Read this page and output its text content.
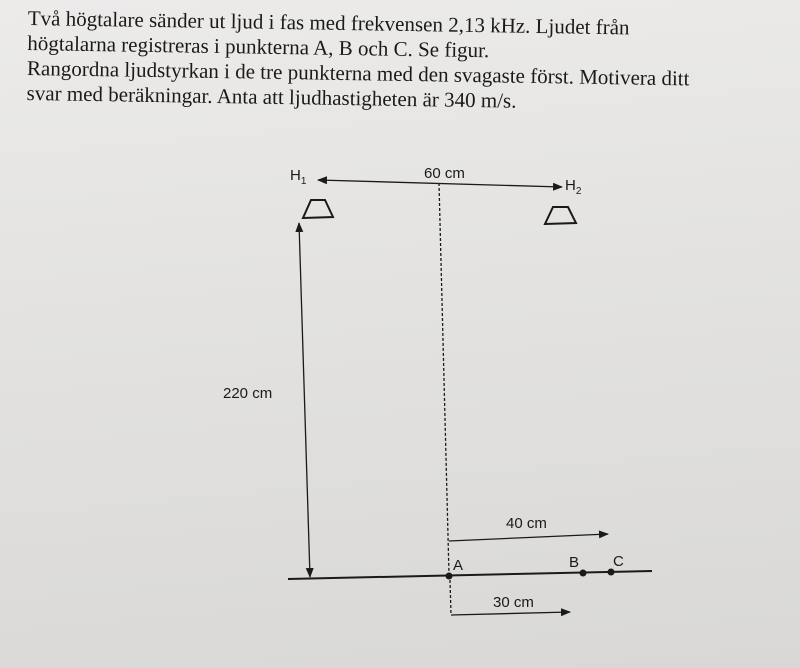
Två högtalare sänder ut ljud i fas med frekvensen 2,13 kHz. Ljudet från

högtalarna registreras i punkterna A, B och C. Se figur.

Rangordna ljudstyrkan i de tre punkterna med den svagaste först. Motivera ditt

svar med beräkningar. Anta att ljudhastigheten är 340 m/s.

$H_1$	$H_2$
60 cm
220 cm
40 cm
30 cm
A	B C
